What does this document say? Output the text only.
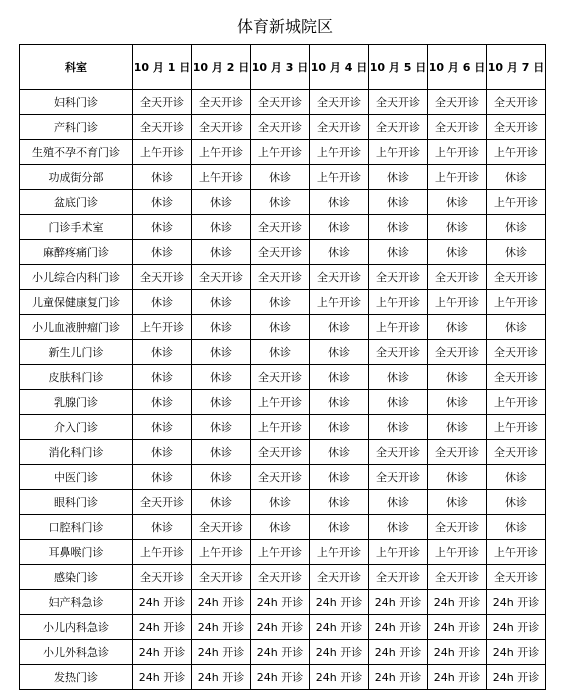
体育新城院区
科室	10 月 1 日	10 月 2 日	10 月 3 日	10 月 4 日	10 月 5 日	10 月 6 日	10 月 7 日
妇科门诊	全天开诊	全天开诊	全天开诊	全天开诊	全天开诊	全天开诊	全天开诊
产科门诊	全天开诊	全天开诊	全天开诊	全天开诊	全天开诊	全天开诊	全天开诊
生殖不孕不育门诊	上午开诊	上午开诊	上午开诊	上午开诊	上午开诊	上午开诊	上午开诊
功成街分部	休诊	上午开诊	休诊	上午开诊	休诊	上午开诊	休诊
盆底门诊	休诊	休诊	休诊	休诊	休诊	休诊	上午开诊
门诊手术室	休诊	休诊	全天开诊	休诊	休诊	休诊	休诊
麻醉疼痛门诊	休诊	休诊	全天开诊	休诊	休诊	休诊	休诊
小儿综合内科门诊	全天开诊	全天开诊	全天开诊	全天开诊	全天开诊	全天开诊	全天开诊
儿童保健康复门诊	休诊	休诊	休诊	上午开诊	上午开诊	上午开诊	上午开诊
小儿血液肿瘤门诊	上午开诊	休诊	休诊	休诊	上午开诊	休诊	休诊
新生儿门诊	休诊	休诊	休诊	休诊	全天开诊	全天开诊	全天开诊
皮肤科门诊	休诊	休诊	全天开诊	休诊	休诊	休诊	全天开诊
乳腺门诊	休诊	休诊	上午开诊	休诊	休诊	休诊	上午开诊
介入门诊	休诊	休诊	上午开诊	休诊	休诊	休诊	上午开诊
消化科门诊	休诊	休诊	全天开诊	休诊	全天开诊	全天开诊	全天开诊
中医门诊	休诊	休诊	全天开诊	休诊	全天开诊	休诊	休诊
眼科门诊	全天开诊	休诊	休诊	休诊	休诊	休诊	休诊
口腔科门诊	休诊	全天开诊	休诊	休诊	休诊	全天开诊	休诊
耳鼻喉门诊	上午开诊	上午开诊	上午开诊	上午开诊	上午开诊	上午开诊	上午开诊
感染门诊	全天开诊	全天开诊	全天开诊	全天开诊	全天开诊	全天开诊	全天开诊
妇产科急诊	24h 开诊	24h 开诊	24h 开诊	24h 开诊	24h 开诊	24h 开诊	24h 开诊
小儿内科急诊	24h 开诊	24h 开诊	24h 开诊	24h 开诊	24h 开诊	24h 开诊	24h 开诊
小儿外科急诊	24h 开诊	24h 开诊	24h 开诊	24h 开诊	24h 开诊	24h 开诊	24h 开诊
发热门诊	24h 开诊	24h 开诊	24h 开诊	24h 开诊	24h 开诊	24h 开诊	24h 开诊
